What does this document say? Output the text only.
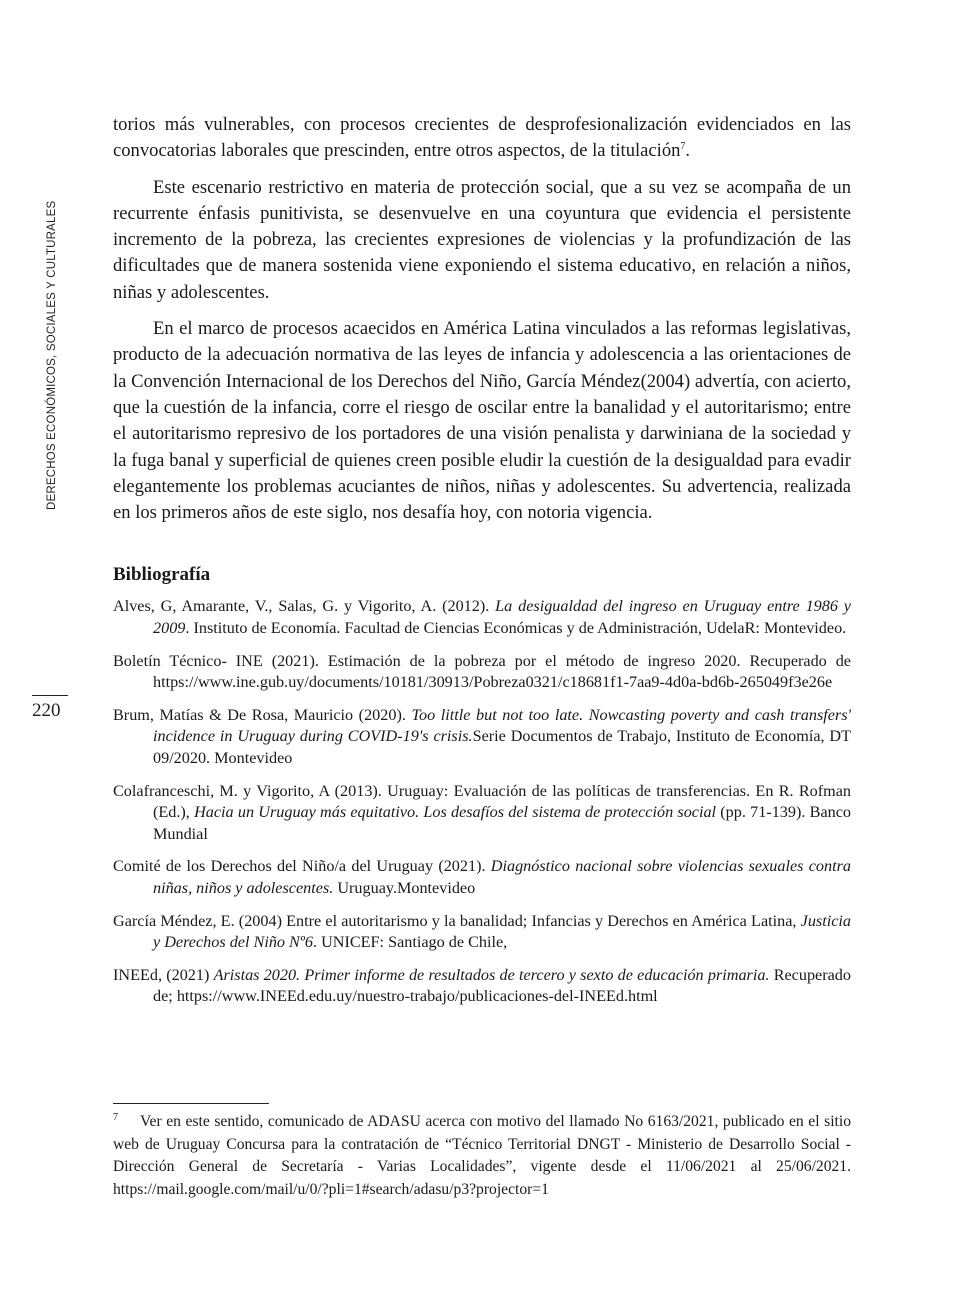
DERECHOS ECONÓMICOS, SOCIALES Y CULTURALES
220

torios más vulnerables, con procesos crecientes de desprofesionalización evidenciados en las convocatorias laborales que prescinden, entre otros aspectos, de la titulación$^7$.

Este escenario restrictivo en materia de protección social, que a su vez se acompaña de un recurrente énfasis punitivista, se desenvuelve en una coyuntura que evidencia el persistente incremento de la pobreza, las crecientes expresiones de violencias y la profundización de las dificultades que de manera sostenida viene exponiendo el sistema educativo, en relación a niños, niñas y adolescentes.

En el marco de procesos acaecidos en América Latina vinculados a las reformas legislativas, producto de la adecuación normativa de las leyes de infancia y adolescencia a las orientaciones de la Convención Internacional de los Derechos del Niño, García Méndez(2004) advertía, con acierto, que la cuestión de la infancia, corre el riesgo de oscilar entre la banalidad y el autoritarismo; entre el autoritarismo represivo de los portadores de una visión penalista y darwiniana de la sociedad y la fuga banal y superficial de quienes creen posible eludir la cuestión de la desigualdad para evadir elegantemente los problemas acuciantes de niños, niñas y adolescentes. Su advertencia, realizada en los primeros años de este siglo, nos desafía hoy, con notoria vigencia.

Bibliografía
Alves, G, Amarante, V., Salas, G. y Vigorito, A. (2012). La desigualdad del ingreso en Uruguay entre 1986 y 2009. Instituto de Economía. Facultad de Ciencias Económicas y de Administración, UdelaR: Montevideo.
Boletín Técnico- INE (2021). Estimación de la pobreza por el método de ingreso 2020. Recuperado de https://www.ine.gub.uy/documents/10181/30913/Pobreza0321/c18681f1-7aa9-4d0a-bd6b-265049f3e26e
Brum, Matías & De Rosa, Mauricio (2020). Too little but not too late. Nowcasting poverty and cash transfers' incidence in Uruguay during COVID-19's crisis.Serie Documentos de Trabajo, Instituto de Economía, DT 09/2020. Montevideo
Colafranceschi, M. y Vigorito, A (2013). Uruguay: Evaluación de las políticas de transferencias. En R. Rofman (Ed.), Hacia un Uruguay más equitativo. Los desafíos del sistema de protección social (pp. 71-139). Banco Mundial
Comité de los Derechos del Niño/a del Uruguay (2021). Diagnóstico nacional sobre violencias sexuales contra niñas, niños y adolescentes. Uruguay.Montevideo
García Méndez, E. (2004) Entre el autoritarismo y la banalidad; Infancias y Derechos en América Latina, Justicia y Derechos del Niño Nº6. UNICEF: Santiago de Chile,
INEEd, (2021) Aristas 2020. Primer informe de resultados de tercero y sexto de educación primaria. Recuperado de; https://www.INEEd.edu.uy/nuestro-trabajo/publicaciones-del-INEEd.html
$^7$ Ver en este sentido, comunicado de ADASU acerca con motivo del llamado No 6163/2021, publicado en el sitio web de Uruguay Concursa para la contratación de “Técnico Territorial DNGT - Ministerio de Desarrollo Social - Dirección General de Secretaría - Varias Localidades”, vigente desde el 11/06/2021 al 25/06/2021. https://mail.google.com/mail/u/0/?pli=1#search/adasu/p3?projector=1
